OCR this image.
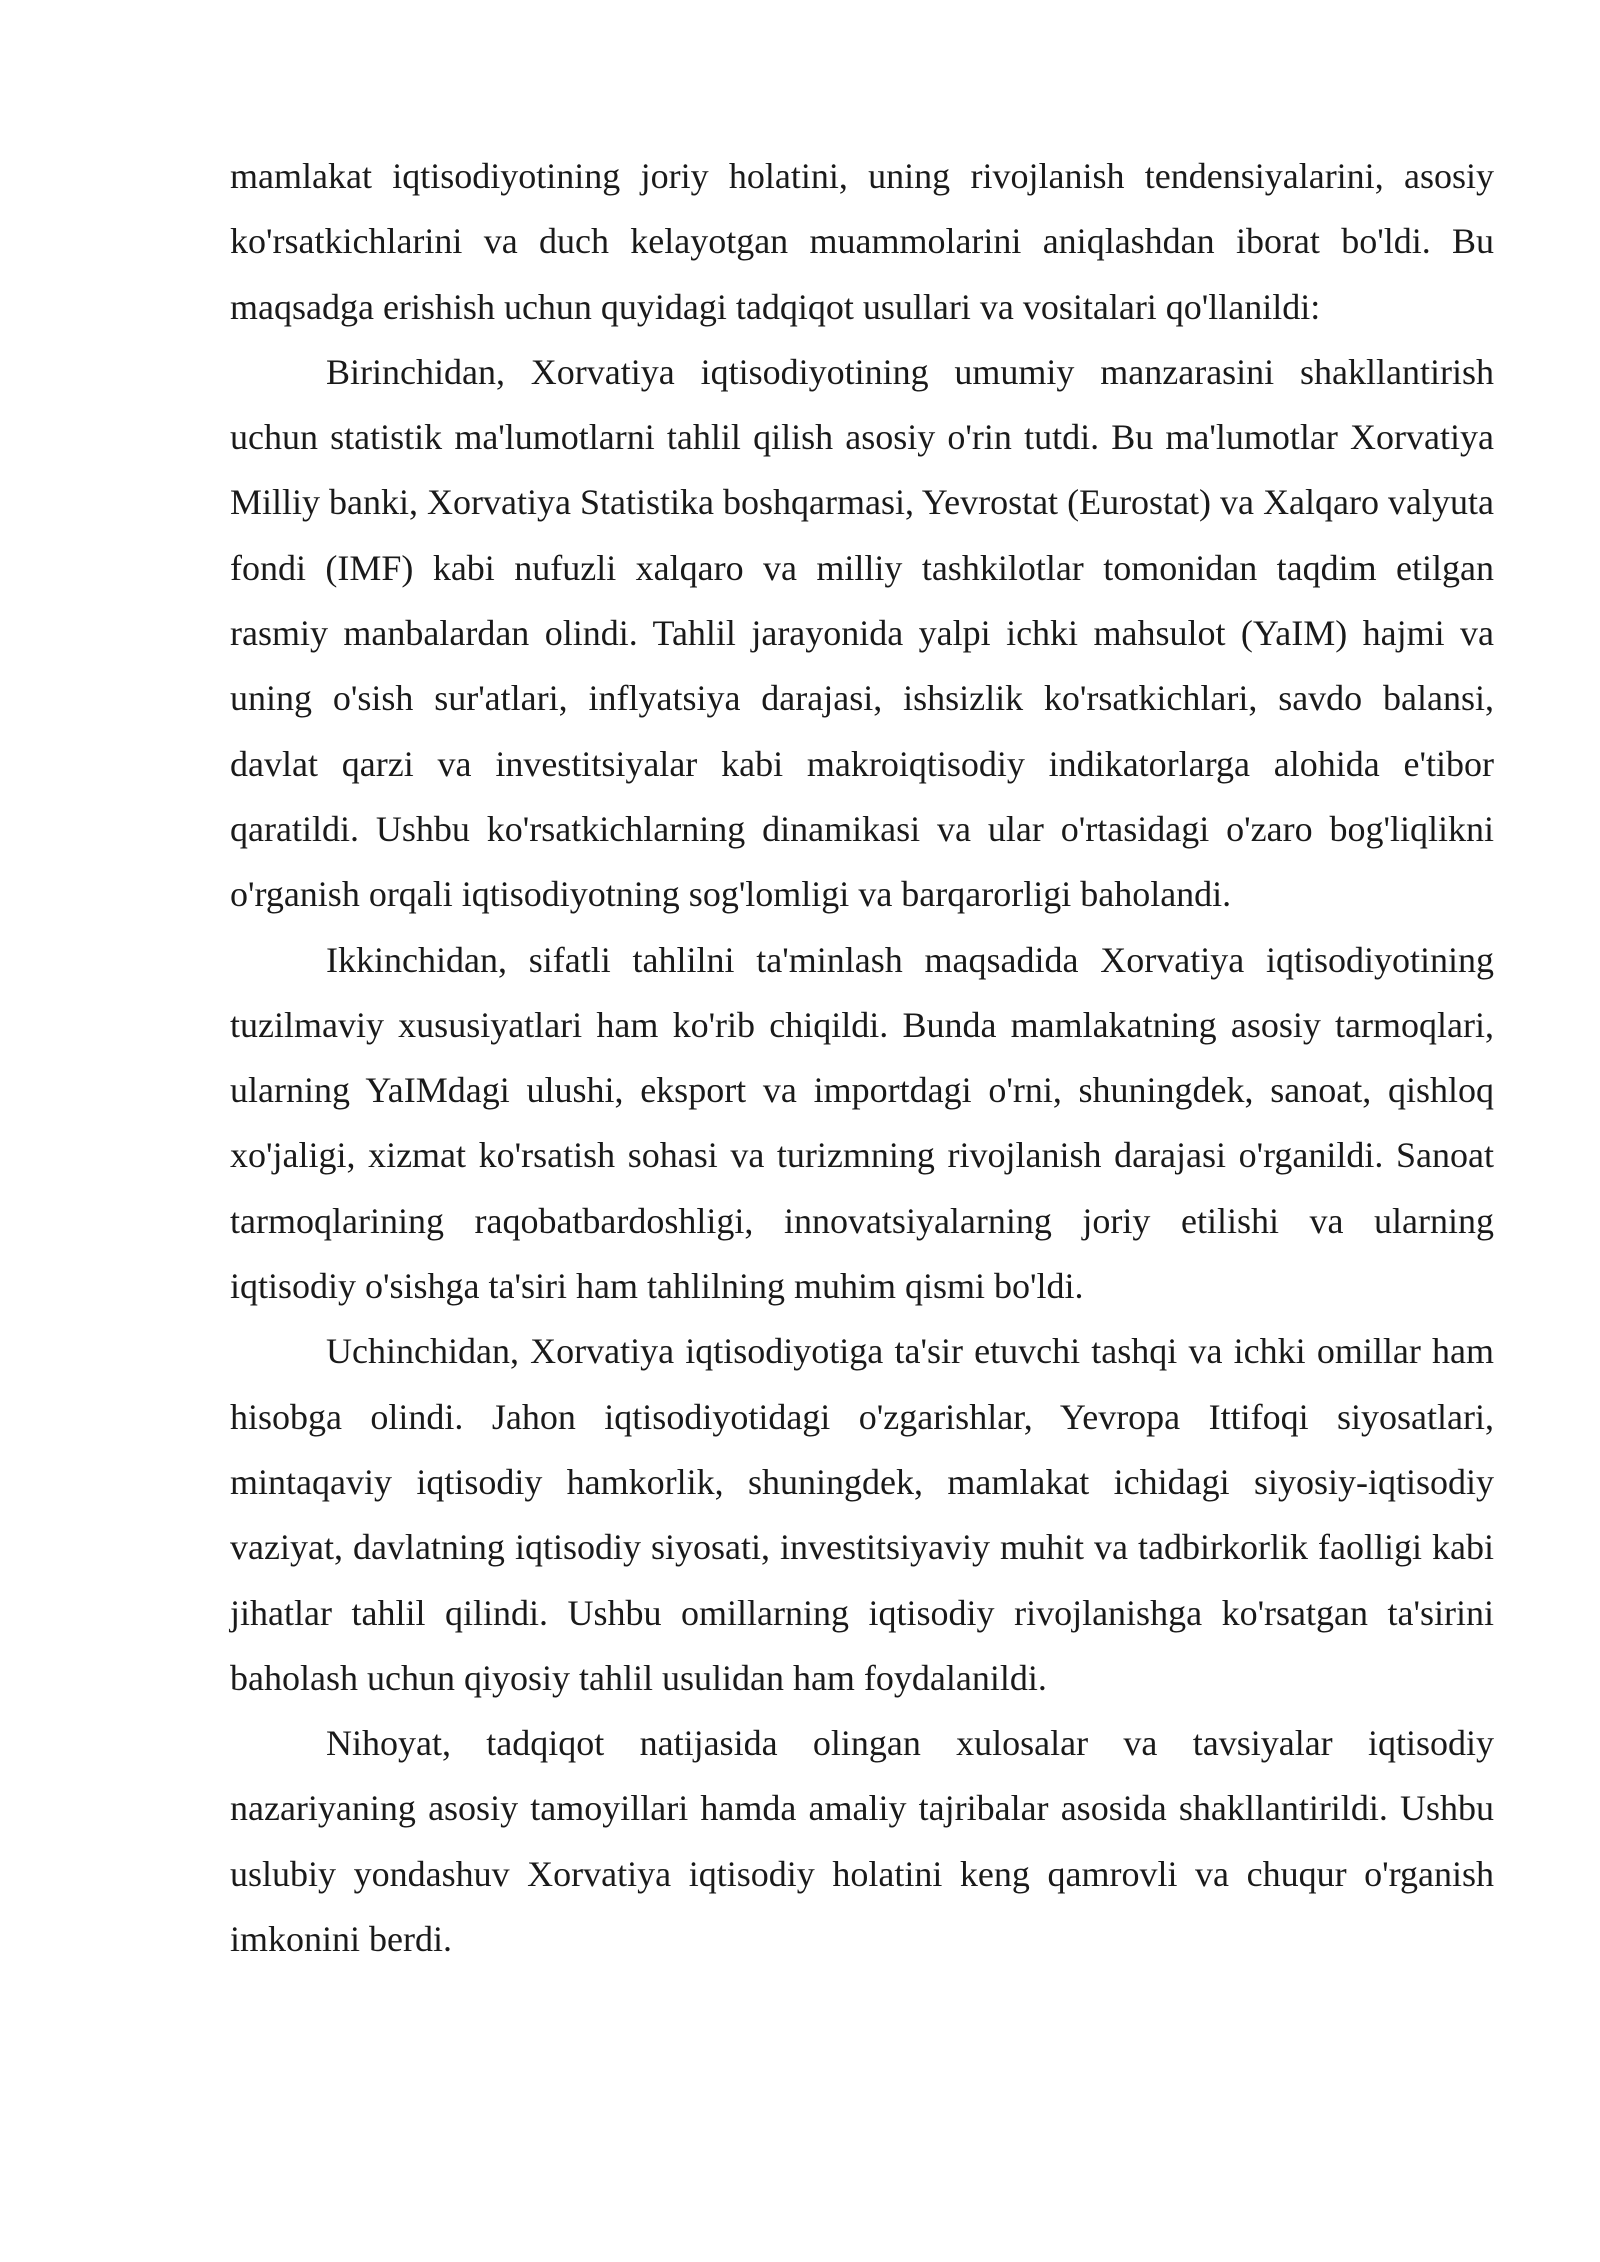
mamlakat iqtisodiyotining joriy holatini, uning rivojlanish tendensiyalarini, asosiy ko'rsatkichlarini va duch kelayotgan muammolarini aniqlashdan iborat bo'ldi. Bu maqsadga erishish uchun quyidagi tadqiqot usullari va vositalari qo'llanildi:

Birinchidan, Xorvatiya iqtisodiyotining umumiy manzarasini shakllantirish uchun statistik ma'lumotlarni tahlil qilish asosiy o'rin tutdi. Bu ma'lumotlar Xorvatiya Milliy banki, Xorvatiya Statistika boshqarmasi, Yevrostat (Eurostat) va Xalqaro valyuta fondi (IMF) kabi nufuzli xalqaro va milliy tashkilotlar tomonidan taqdim etilgan rasmiy manbalardan olindi. Tahlil jarayonida yalpi ichki mahsulot (YaIM) hajmi va uning o'sish sur'atlari, inflyatsiya darajasi, ishsizlik ko'rsatkichlari, savdo balansi, davlat qarzi va investitsiyalar kabi makroiqtisodiy indikatorlarga alohida e'tibor qaratildi. Ushbu ko'rsatkichlarning dinamikasi va ular o'rtasidagi o'zaro bog'liqlikni o'rganish orqali iqtisodiyotning sog'lomligi va barqarorligi baholandi.

Ikkinchidan, sifatli tahlilni ta'minlash maqsadida Xorvatiya iqtisodiyotining tuzilmaviy xususiyatlari ham ko'rib chiqildi. Bunda mamlakatning asosiy tarmoqlari, ularning YaIMdagi ulushi, eksport va importdagi o'rni, shuningdek, sanoat, qishloq xo'jaligi, xizmat ko'rsatish sohasi va turizmning rivojlanish darajasi o'rganildi. Sanoat tarmoqlarining raqobatbardoshligi, innovatsiyalarning joriy etilishi va ularning iqtisodiy o'sishga ta'siri ham tahlilning muhim qismi bo'ldi.

Uchinchidan, Xorvatiya iqtisodiyotiga ta'sir etuvchi tashqi va ichki omillar ham hisobga olindi. Jahon iqtisodiyotidagi o'zgarishlar, Yevropa Ittifoqi siyosatlari, mintaqaviy iqtisodiy hamkorlik, shuningdek, mamlakat ichidagi siyosiy-iqtisodiy vaziyat, davlatning iqtisodiy siyosati, investitsiyaviy muhit va tadbirkorlik faolligi kabi jihatlar tahlil qilindi. Ushbu omillarning iqtisodiy rivojlanishga ko'rsatgan ta'sirini baholash uchun qiyosiy tahlil usulidan ham foydalanildi.

Nihoyat, tadqiqot natijasida olingan xulosalar va tavsiyalar iqtisodiy nazariyaning asosiy tamoyillari hamda amaliy tajribalar asosida shakllantirildi. Ushbu uslubiy yondashuv Xorvatiya iqtisodiy holatini keng qamrovli va chuqur o'rganish imkonini berdi.
